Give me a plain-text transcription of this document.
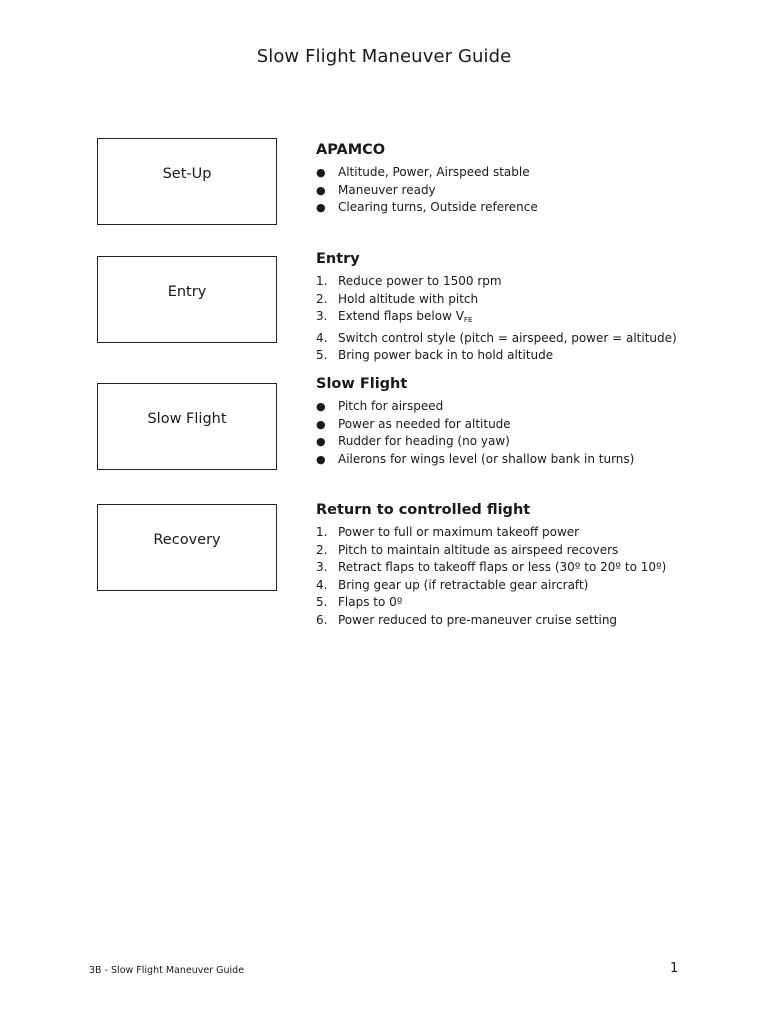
Slow Flight Maneuver Guide
Set-Up
Entry
Slow Flight
Recovery
APAMCO
● Altitude, Power, Airspeed stable
● Maneuver ready
● Clearing turns, Outside reference
Entry
1. Reduce power to 1500 rpm
2. Hold altitude with pitch
3. Extend flaps below $V_{FE}$
4. Switch control style (pitch = airspeed, power = altitude)
5. Bring power back in to hold altitude
Slow Flight
● Pitch for airspeed
● Power as needed for altitude
● Rudder for heading (no yaw)
● Ailerons for wings level (or shallow bank in turns)
Return to controlled flight
1. Power to full or maximum takeoff power
2. Pitch to maintain altitude as airspeed recovers
3. Retract flaps to takeoff flaps or less (30º to 20º to 10º)
4. Bring gear up (if retractable gear aircraft)
5. Flaps to 0º
6. Power reduced to pre-maneuver cruise setting
3B - Slow Flight Maneuver Guide	1
